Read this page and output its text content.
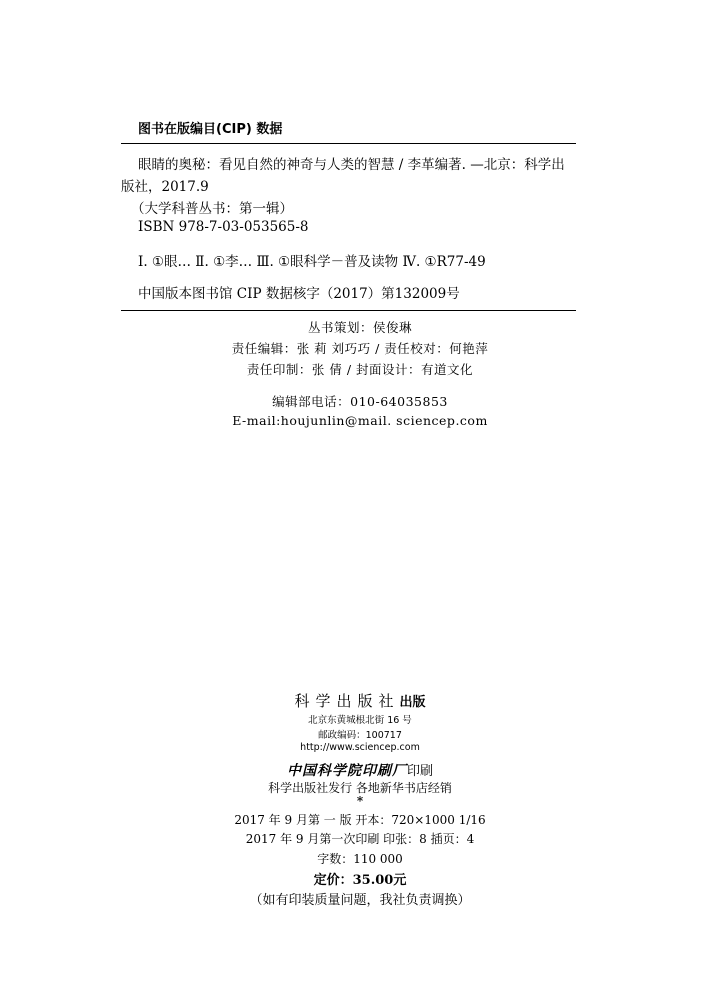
图书在版编目(CIP) 数据
眼睛的奥秘：看见自然的神奇与人类的智慧 / 李革编著. —北京：科学出
版社，2017.9
（大学科普丛书：第一辑）
ISBN 978-7-03-053565-8
Ⅰ. ①眼… Ⅱ. ①李… Ⅲ. ①眼科学－普及读物 Ⅳ. ①R77-49
中国版本图书馆 CIP 数据核字（2017）第132009号
丛书策划：侯俊琳
责任编辑：张 莉 刘巧巧 / 责任校对：何艳萍
责任印制：张 倩 / 封面设计：有道文化
编辑部电话：010-64035853
E-mail:houjunlin@mail. sciencep.com
科学出版社出版
北京东黄城根北街 16 号
邮政编码：100717
http://www.sciencep.com
中国科学院印刷厂印刷
科学出版社发行 各地新华书店经销
*
2017 年 9 月第 一 版 开本：720×1000 1/16
2017 年 9 月第一次印刷 印张：8 插页：4
字数：110 000
定价：35.00元
（如有印装质量问题，我社负责调换）
